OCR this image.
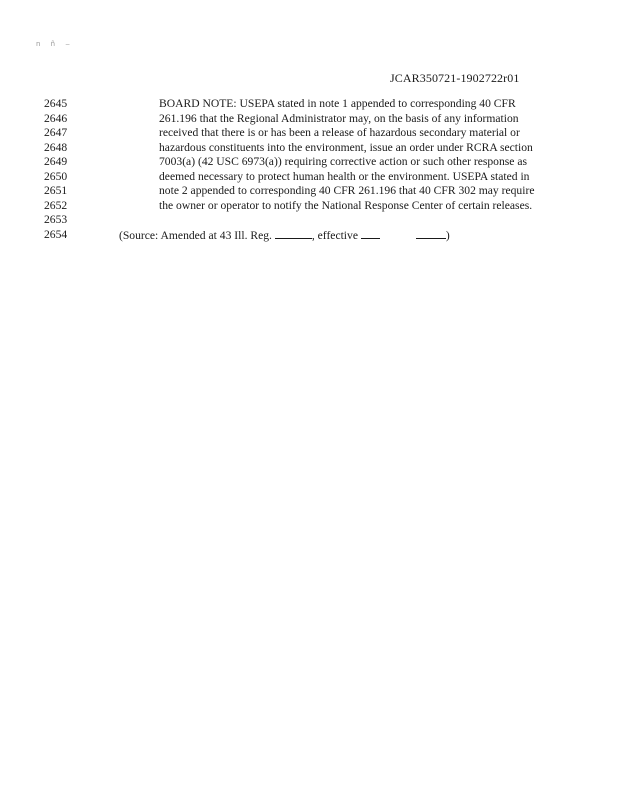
n ñ ‒
JCAR350721-1902722r01
2645	BOARD NOTE: USEPA stated in note 1 appended to corresponding 40 CFR
2646	261.196 that the Regional Administrator may, on the basis of any information
2647	received that there is or has been a release of hazardous secondary material or
2648	hazardous constituents into the environment, issue an order under RCRA section
2649	7003(a) (42 USC 6973(a)) requiring corrective action or such other response as
2650	deemed necessary to protect human health or the environment. USEPA stated in
2651	note 2 appended to corresponding 40 CFR 261.196 that 40 CFR 302 may require
2652	the owner or operator to notify the National Response Center of certain releases.
2653
2654	(Source: Amended at 43 Ill. Reg.	, effective	)
